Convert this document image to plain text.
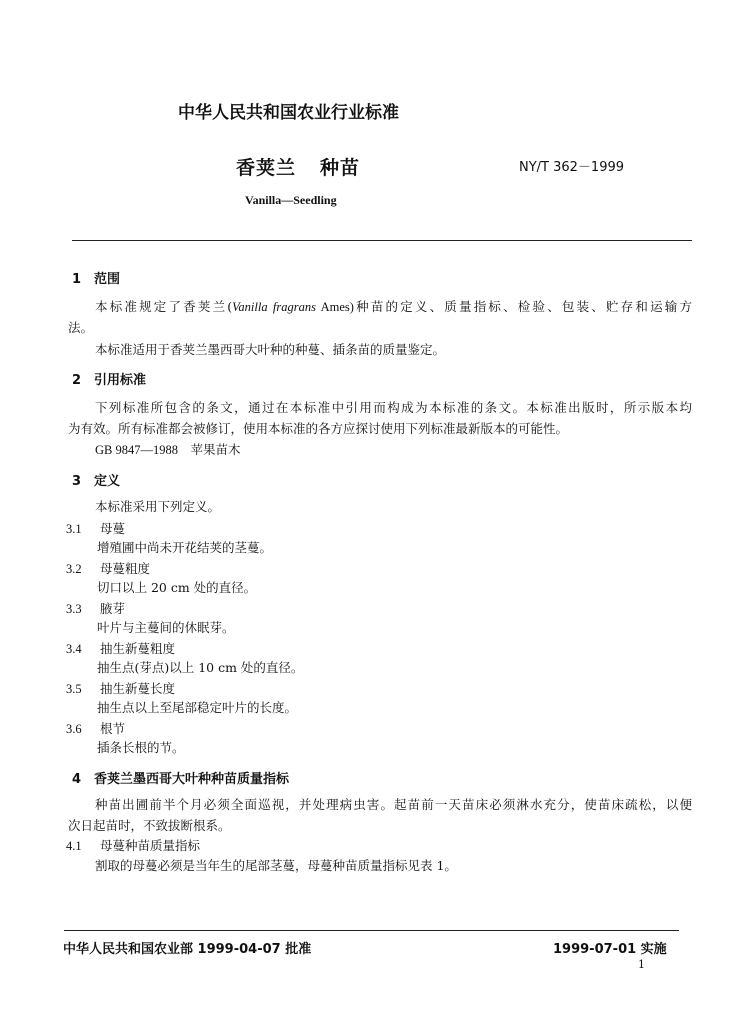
中华人民共和国农业行业标准
香荚兰 种苗	NY/T 362－1999
Vanilla—Seedling
1 范围
本标准规定了香荚兰(Vanilla fragrans Ames)种苗的定义、质量指标、检验、包装、贮存和运输方
法。
本标准适用于香荚兰墨西哥大叶种的种蔓、插条苗的质量鉴定。
2 引用标准
下列标准所包含的条文，通过在本标准中引用而构成为本标准的条文。本标准出版时，所示版本均
为有效。所有标准都会被修订，使用本标准的各方应探讨使用下列标准最新版本的可能性。
GB 9847—1988　苹果苗木
3 定义
本标准采用下列定义。
3.1 母蔓
增殖圃中尚未开花结荚的茎蔓。
3.2 母蔓粗度
切口以上 20 cm 处的直径。
3.3 腋芽
叶片与主蔓间的休眠芽。
3.4 抽生新蔓粗度
抽生点(芽点)以上 10 cm 处的直径。
3.5 抽生新蔓长度
抽生点以上至尾部稳定叶片的长度。
3.6 根节
插条长根的节。
4 香荚兰墨西哥大叶种种苗质量指标
种苗出圃前半个月必须全面巡视，并处理病虫害。起苗前一天苗床必须淋水充分，使苗床疏松，以便
次日起苗时，不致拔断根系。
4.1 母蔓种苗质量指标
割取的母蔓必须是当年生的尾部茎蔓，母蔓种苗质量指标见表 1。
中华人民共和国农业部 1999-04-07 批准	1999-07-01 实施
1
